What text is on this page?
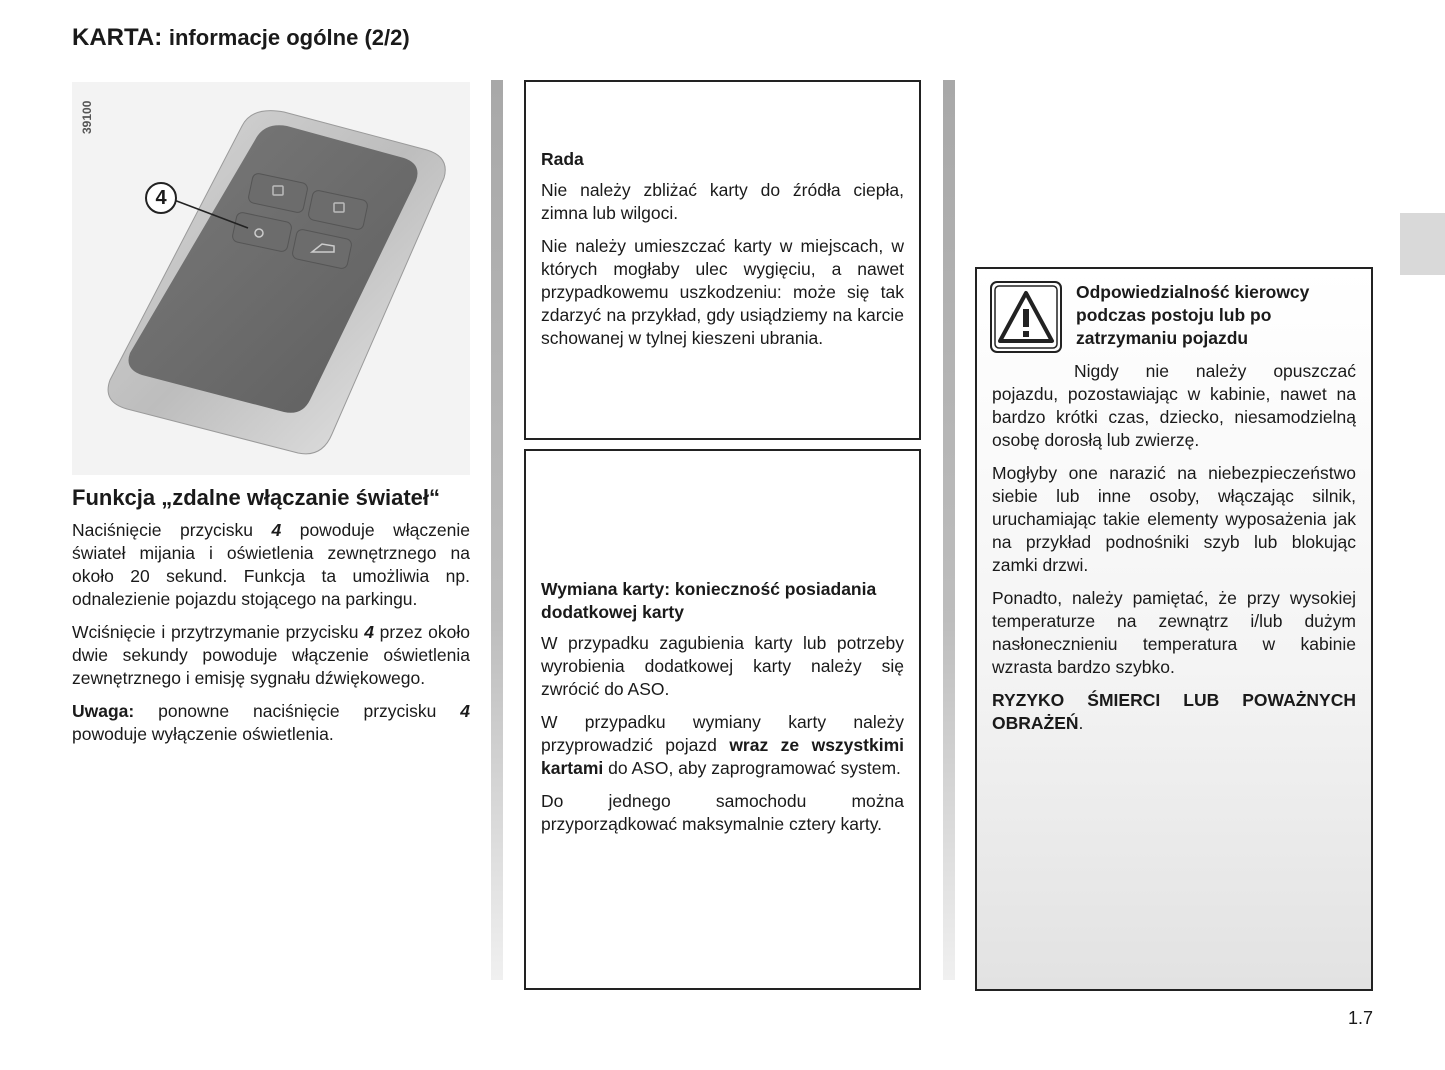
KARTA: informacje ogólne (2/2)
39100
4
Funkcja „zdalne włączanie świateł“

Naciśnięcie przycisku 4 powoduje włączenie świateł mijania i oświetlenia zewnętrznego na około 20 sekund. Funkcja ta umożliwia np. odnalezienie pojazdu stojącego na parkingu.

Wciśnięcie i przytrzymanie przycisku 4 przez około dwie sekundy powoduje włączenie oświetlenia zewnętrznego i emisję sygnału dźwiękowego.

Uwaga: ponowne naciśnięcie przycisku 4 powoduje wyłączenie oświetlenia.

Rada

Nie należy zbliżać karty do źródła ciepła, zimna lub wilgoci.

Nie należy umieszczać karty w miejscach, w których mogłaby ulec wygięciu, a nawet przypadkowemu uszkodzeniu: może się tak zdarzyć na przykład, gdy usiądziemy na karcie schowanej w tylnej kieszeni ubrania.

Wymiana karty: konieczność posiadania dodatkowej karty

W przypadku zagubienia karty lub potrzeby wyrobienia dodatkowej karty należy się zwrócić do ASO.

W przypadku wymiany karty należy przyprowadzić pojazd wraz ze wszystkimi kartami do ASO, aby zaprogramować system.

Do jednego samochodu można przyporządkować maksymalnie cztery karty.

Odpowiedzialność kierowcy podczas postoju lub po zatrzymaniu pojazdu

Nigdy nie należy opuszczać pojazdu, pozostawiając w kabinie, nawet na bardzo krótki czas, dziecko, niesamodzielną osobę dorosłą lub zwierzę.

Mogłyby one narazić na niebezpieczeństwo siebie lub inne osoby, włączając silnik, uruchamiając takie elementy wyposażenia jak na przykład podnośniki szyb lub blokując zamki drzwi.

Ponadto, należy pamiętać, że przy wysokiej temperaturze na zewnątrz i/lub dużym nasłonecznieniu temperatura w kabinie wzrasta bardzo szybko.

RYZYKO ŚMIERCI LUB POWAŻNYCH OBRAŻEŃ.

1.7
